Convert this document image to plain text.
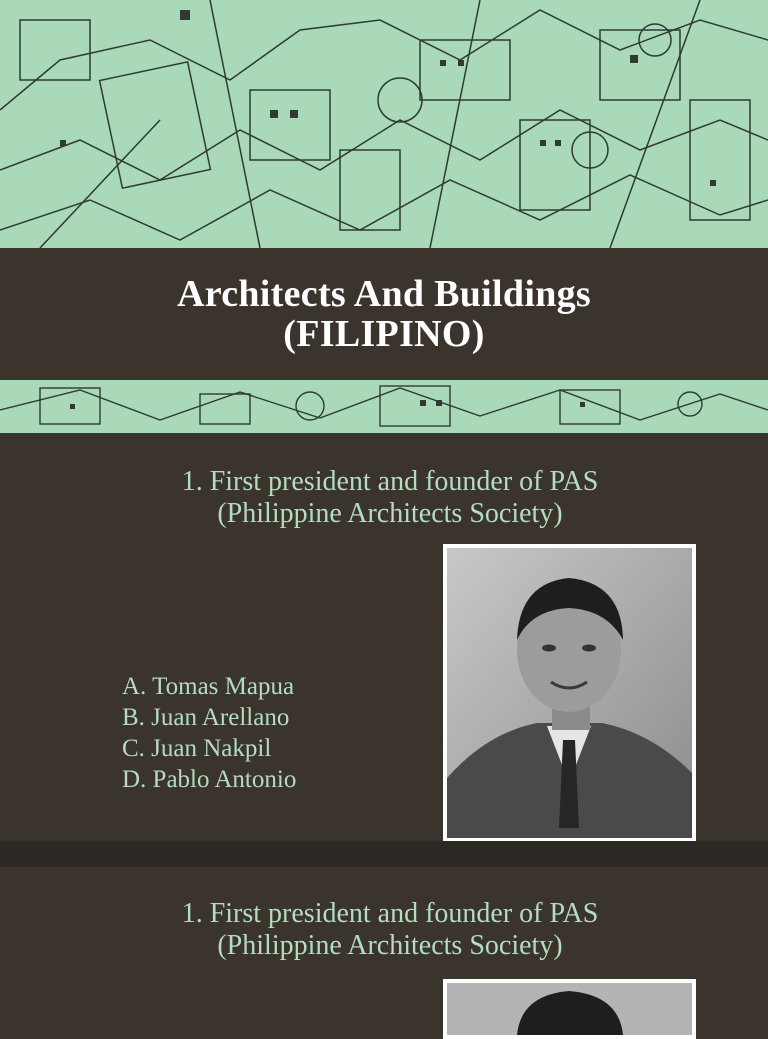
Architects And Buildings
(FILIPINO)
1. First president and founder of PAS
(Philippine Architects Society)
A. Tomas Mapua
B. Juan Arellano
C. Juan Nakpil
D. Pablo Antonio
1. First president and founder of PAS
(Philippine Architects Society)
